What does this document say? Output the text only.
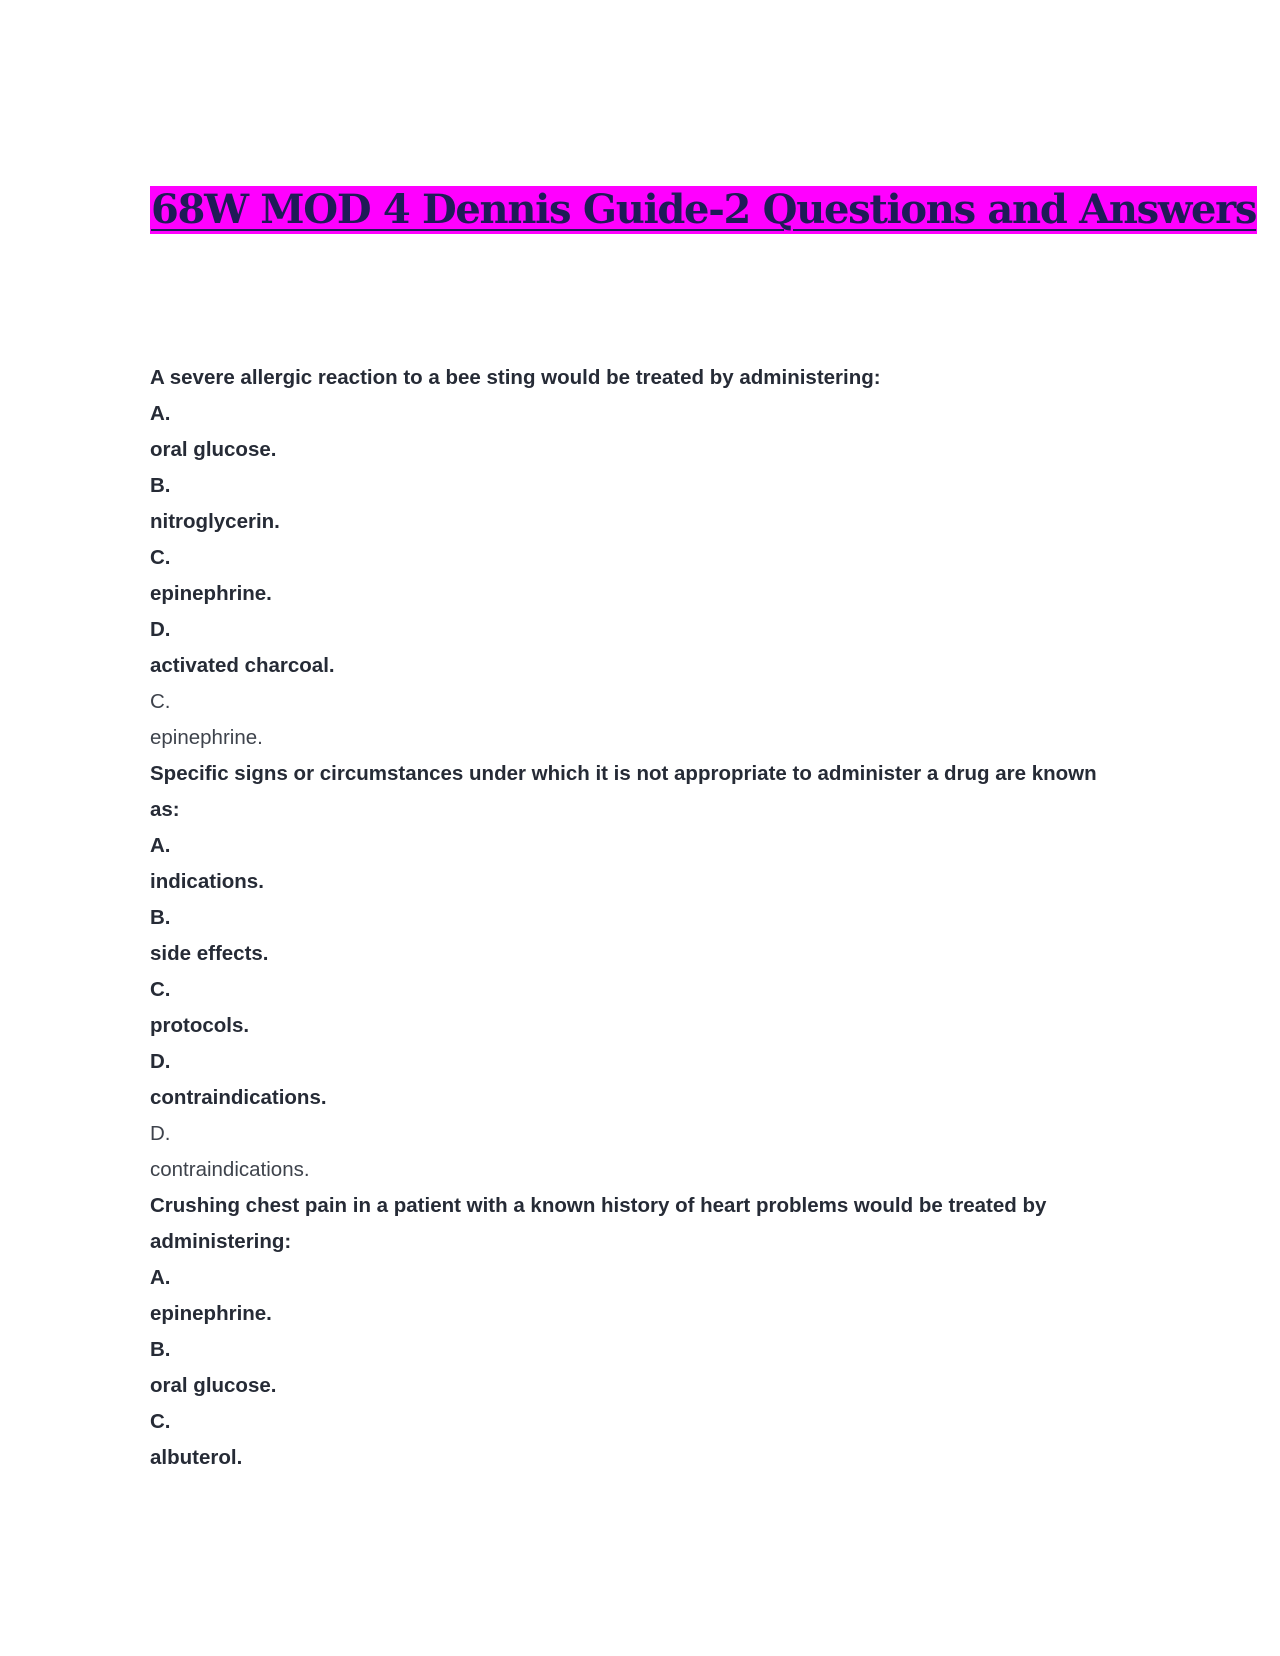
68W MOD 4 Dennis Guide-2 Questions and Answers
A severe allergic reaction to a bee sting would be treated by administering:
A.
oral glucose.
B.
nitroglycerin.
C.
epinephrine.
D.
activated charcoal.
C.
epinephrine.
Specific signs or circumstances under which it is not appropriate to administer a drug are known
as:
A.
indications.
B.
side effects.
C.
protocols.
D.
contraindications.
D.
contraindications.
Crushing chest pain in a patient with a known history of heart problems would be treated by
administering:
A.
epinephrine.
B.
oral glucose.
C.
albuterol.
